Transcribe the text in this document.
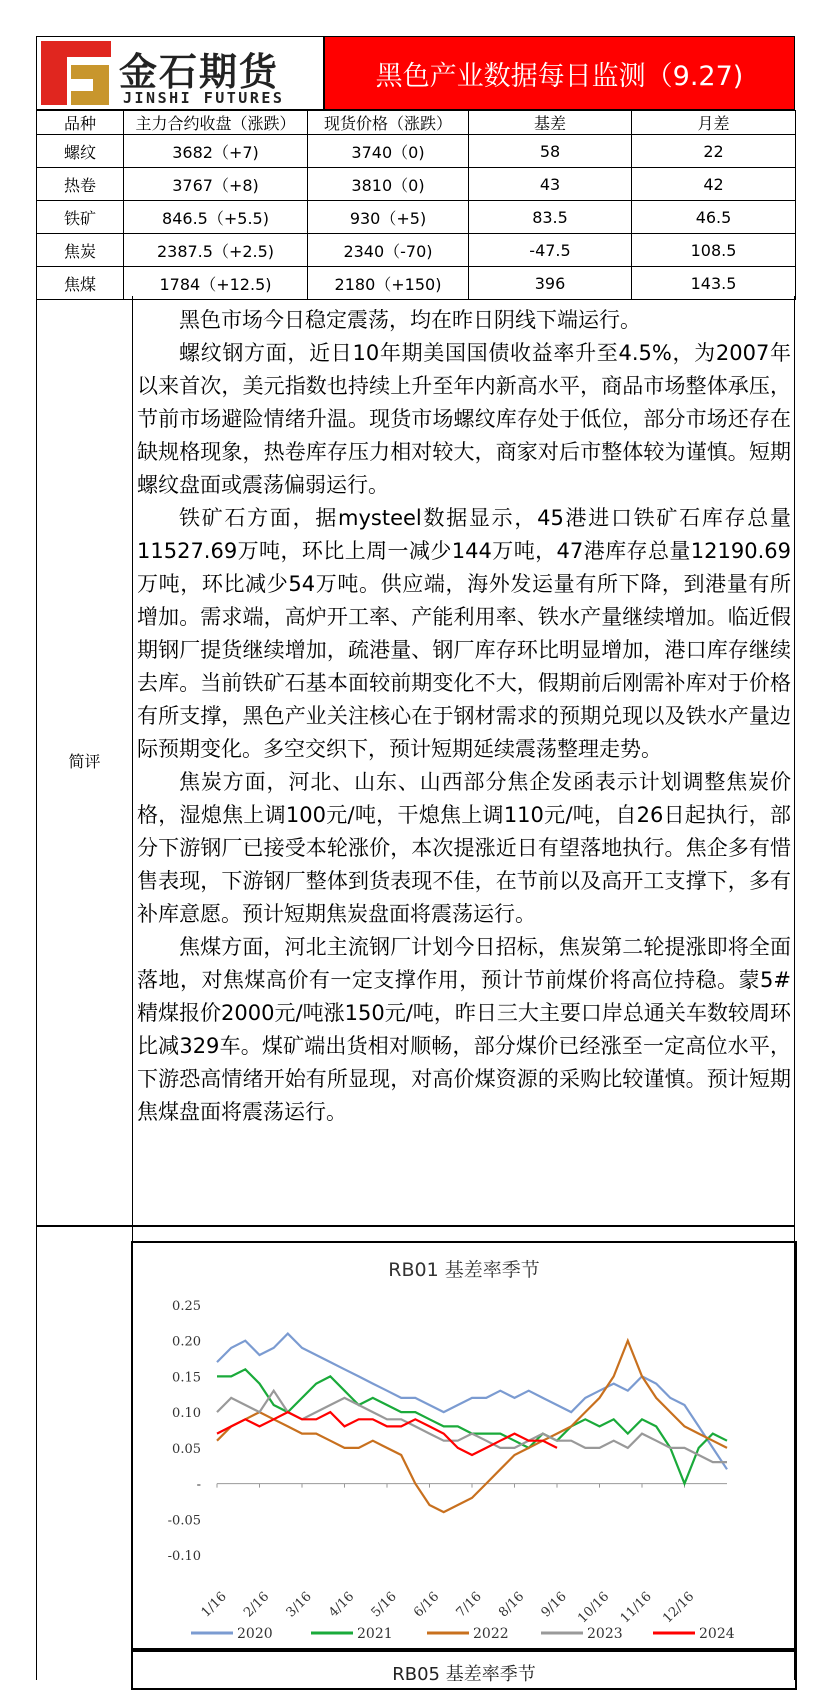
金石期货
JINSHI FUTURES
黑色产业数据每日监测（9.27)
品种	主力合约收盘（涨跌）	现货价格（涨跌）	基差	月差
螺纹	3682（+7)	3740（0)	58	22
热卷	3767（+8)	3810（0)	43	42
铁矿	846.5（+5.5)	930（+5)	83.5	46.5
焦炭	2387.5（+2.5)	2340（-70)	-47.5	108.5
焦煤	1784（+12.5)	2180（+150)	396	143.5
简评

黑色市场今日稳定震荡，均在昨日阴线下端运行。

螺纹钢方面，近日10年期美国国债收益率升至4.5%，为2007年以来首次，美元指数也持续上升至年内新高水平，商品市场整体承压，节前市场避险情绪升温。现货市场螺纹库存处于低位，部分市场还存在缺规格现象，热卷库存压力相对较大，商家对后市整体较为谨慎。短期螺纹盘面或震荡偏弱运行。

铁矿石方面，据mysteel数据显示，45港进口铁矿石库存总量11527.69万吨，环比上周一减少144万吨，47港库存总量12190.69万吨，环比减少54万吨。供应端，海外发运量有所下降，到港量有所增加。需求端，高炉开工率、产能利用率、铁水产量继续增加。临近假期钢厂提货继续增加，疏港量、钢厂库存环比明显增加，港口库存继续去库。当前铁矿石基本面较前期变化不大，假期前后刚需补库对于价格有所支撑，黑色产业关注核心在于钢材需求的预期兑现以及铁水产量边际预期变化。多空交织下，预计短期延续震荡整理走势。

焦炭方面，河北、山东、山西部分焦企发函表示计划调整焦炭价格，湿熄焦上调100元/吨，干熄焦上调110元/吨，自26日起执行，部分下游钢厂已接受本轮涨价，本次提涨近日有望落地执行。焦企多有惜售表现，下游钢厂整体到货表现不佳，在节前以及高开工支撑下，多有补库意愿。预计短期焦炭盘面将震荡运行。

焦煤方面，河北主流钢厂计划今日招标，焦炭第二轮提涨即将全面落地，对焦煤高价有一定支撑作用，预计节前煤价将高位持稳。蒙5#精煤报价2000元/吨涨150元/吨，昨日三大主要口岸总通关车数较周环比减329车。煤矿端出货相对顺畅，部分煤价已经涨至一定高位水平，下游恐高情绪开始有所显现，对高价煤资源的采购比较谨慎。预计短期焦煤盘面将震荡运行。

RB01 基差率季节
0.25
0.20
0.15
0.10
0.05
-
-0.05
-0.10
1/16 2/16 3/16 4/16 5/16 6/16 7/16 8/16 9/16 10/16 11/16 12/16
2020	2021	2022	2023	2024
RB05 基差率季节
